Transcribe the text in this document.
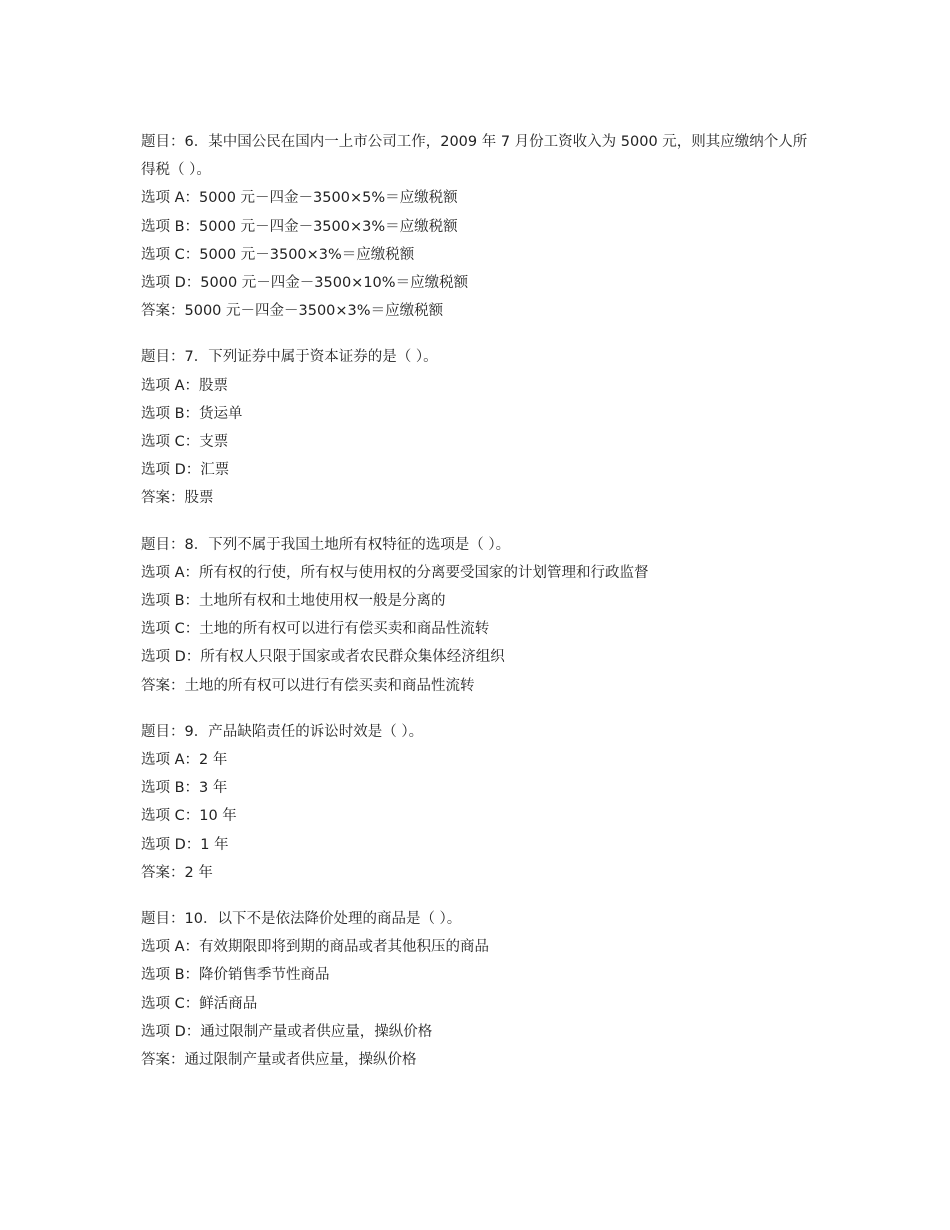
题目：6．某中国公民在国内一上市公司工作，2009 年 7 月份工资收入为 5000 元，则其应缴纳个人所得税（ ）。
选项 A：5000 元－四金－3500×5%＝应缴税额
选项 B：5000 元－四金－3500×3%＝应缴税额
选项 C：5000 元－3500×3%＝应缴税额
选项 D：5000 元－四金－3500×10%＝应缴税额
答案：5000 元－四金－3500×3%＝应缴税额
题目：7．下列证券中属于资本证券的是（ ）。
选项 A：股票
选项 B：货运单
选项 C：支票
选项 D：汇票
答案：股票
题目：8．下列不属于我国土地所有权特征的选项是（ ）。
选项 A：所有权的行使，所有权与使用权的分离要受国家的计划管理和行政监督
选项 B：土地所有权和土地使用权一般是分离的
选项 C：土地的所有权可以进行有偿买卖和商品性流转
选项 D：所有权人只限于国家或者农民群众集体经济组织
答案：土地的所有权可以进行有偿买卖和商品性流转
题目：9．产品缺陷责任的诉讼时效是（ ）。
选项 A：2 年
选项 B：3 年
选项 C：10 年
选项 D：1 年
答案：2 年
题目：10．以下不是依法降价处理的商品是（ ）。
选项 A：有效期限即将到期的商品或者其他积压的商品
选项 B：降价销售季节性商品
选项 C：鲜活商品
选项 D：通过限制产量或者供应量，操纵价格
答案：通过限制产量或者供应量，操纵价格
